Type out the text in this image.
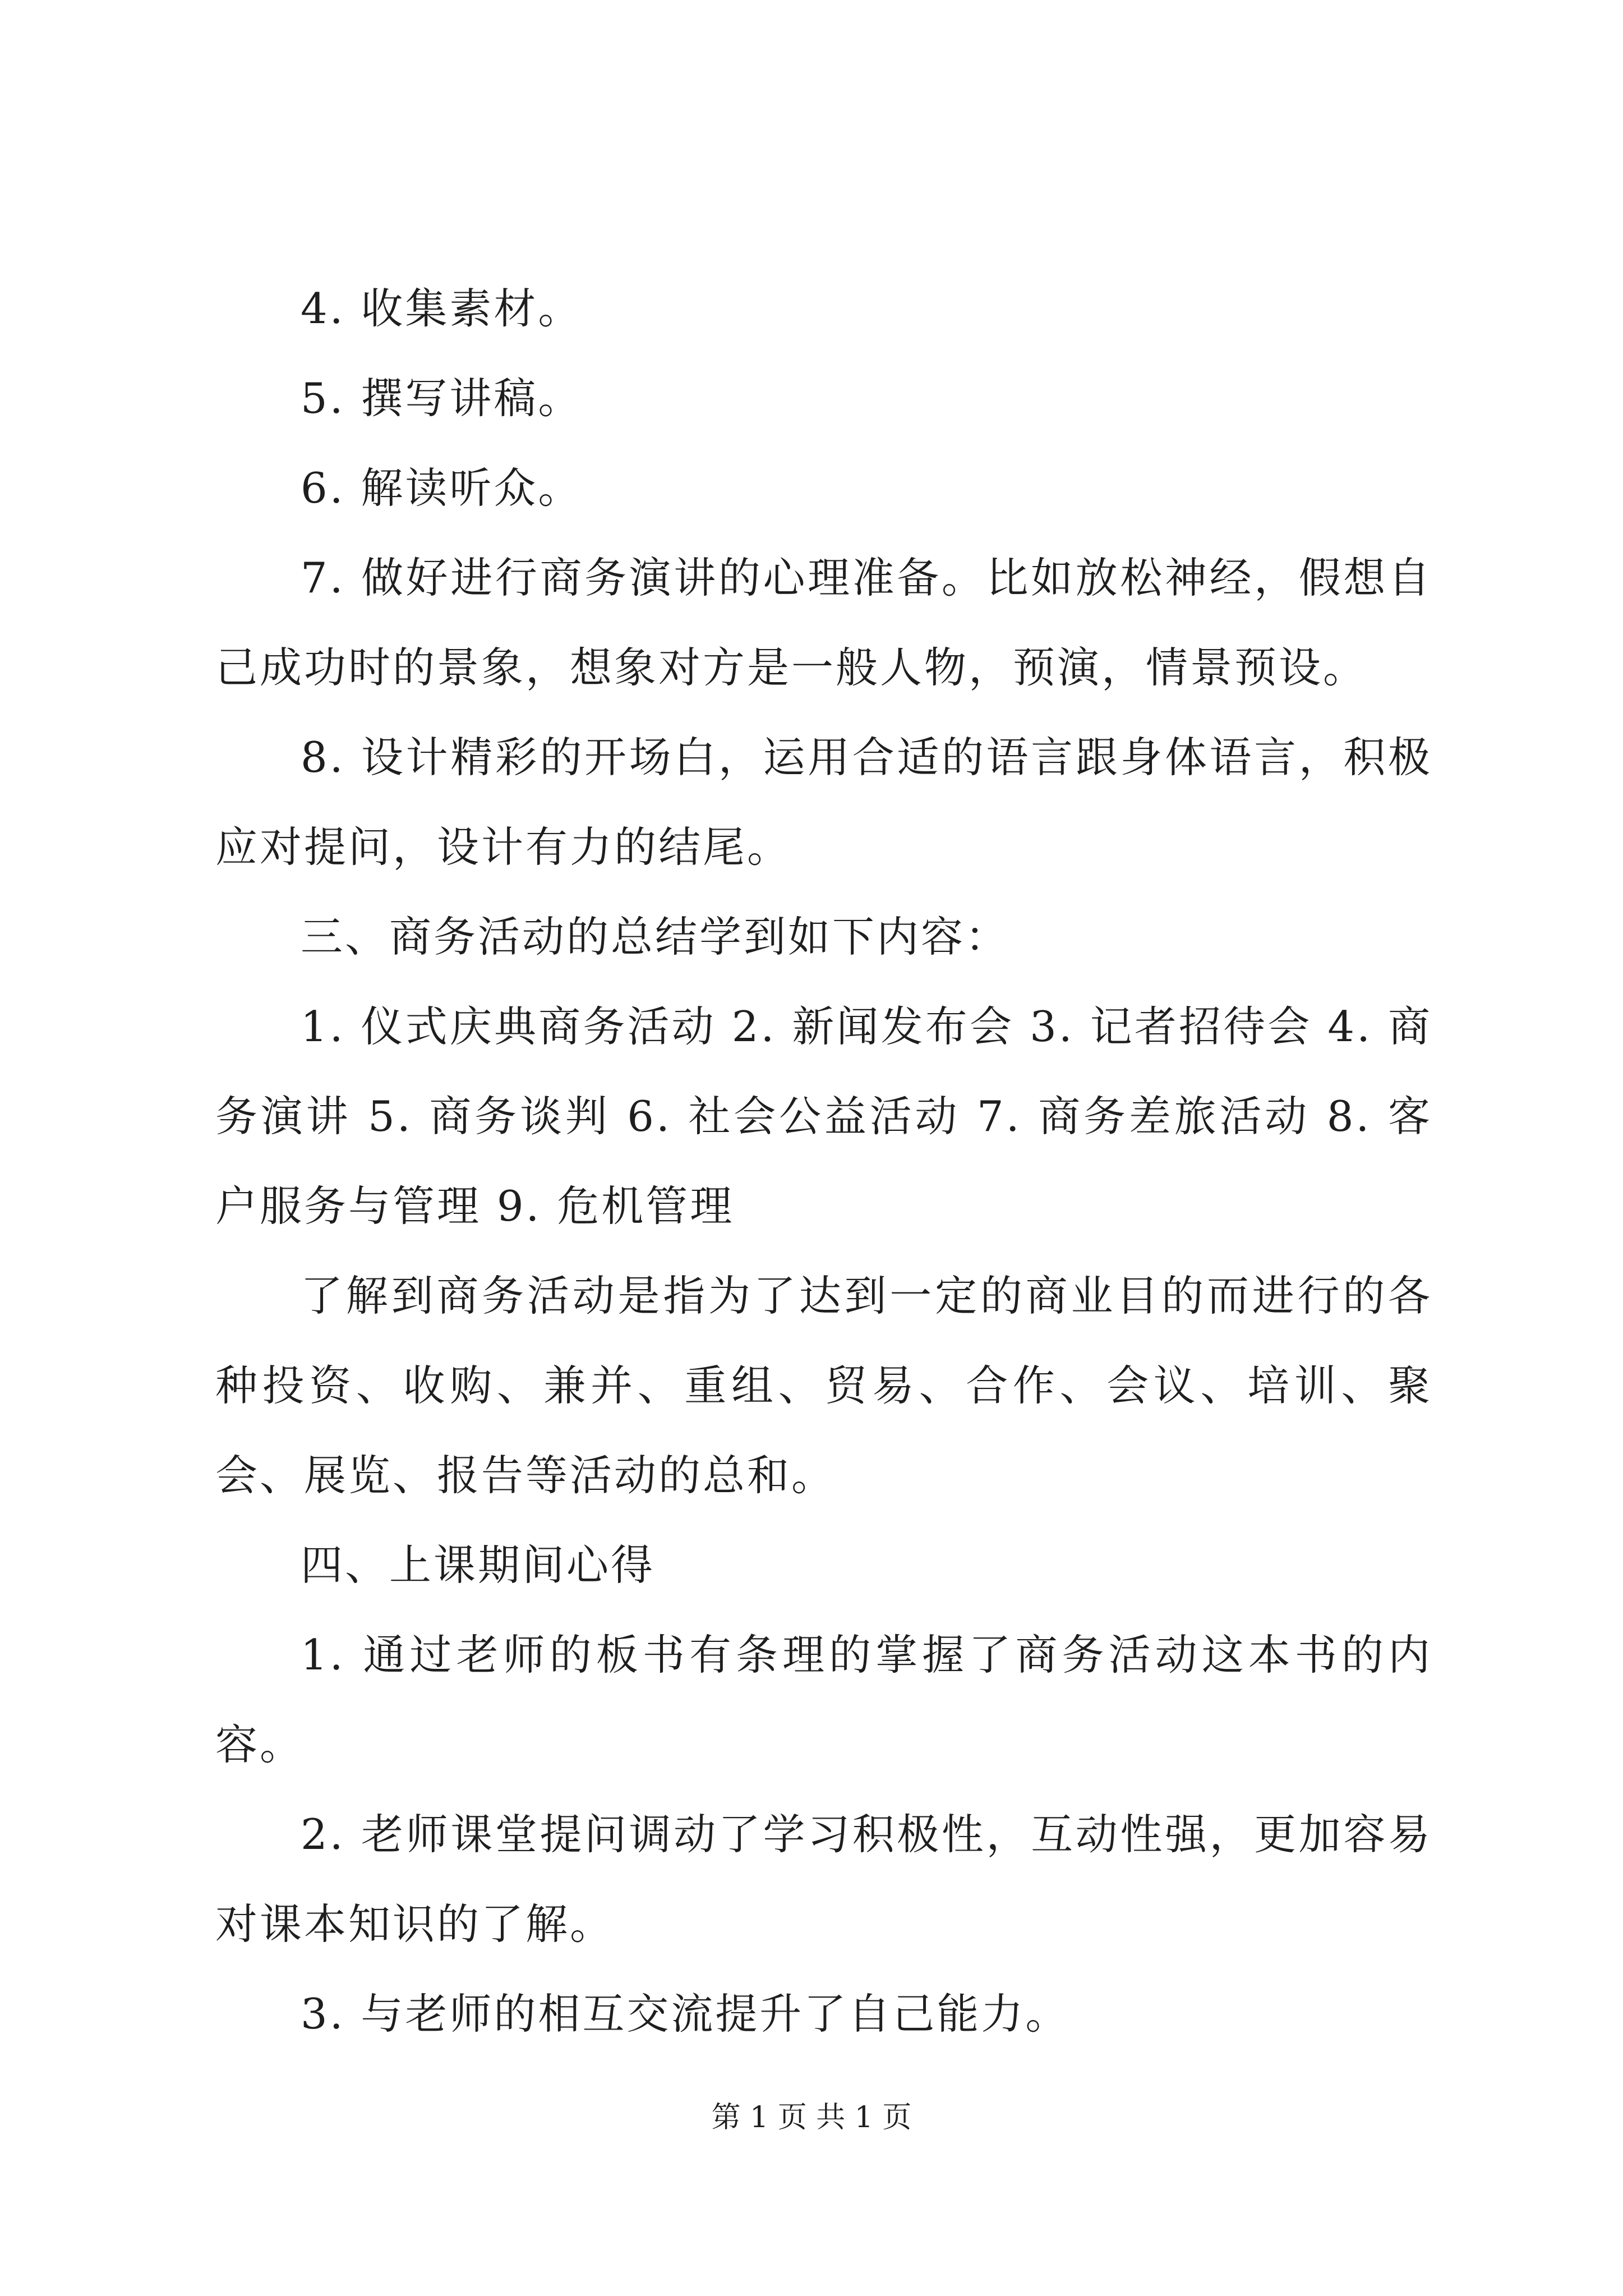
4. 收集素材。

5. 撰写讲稿。

6. 解读听众。

7. 做好进行商务演讲的心理准备。比如放松神经，假想自己成功时的景象，想象对方是一般人物，预演，情景预设。

8. 设计精彩的开场白，运用合适的语言跟身体语言，积极应对提问，设计有力的结尾。

三、商务活动的总结学到如下内容：

1. 仪式庆典商务活动 2. 新闻发布会 3. 记者招待会 4. 商务演讲 5. 商务谈判 6. 社会公益活动 7. 商务差旅活动 8. 客户服务与管理 9. 危机管理

了解到商务活动是指为了达到一定的商业目的而进行的各种投资、收购、兼并、重组、贸易、合作、会议、培训、聚会、展览、报告等活动的总和。

四、上课期间心得

1. 通过老师的板书有条理的掌握了商务活动这本书的内容。

2. 老师课堂提问调动了学习积极性，互动性强，更加容易对课本知识的了解。

3. 与老师的相互交流提升了自己能力。

第 1 页 共 1 页
